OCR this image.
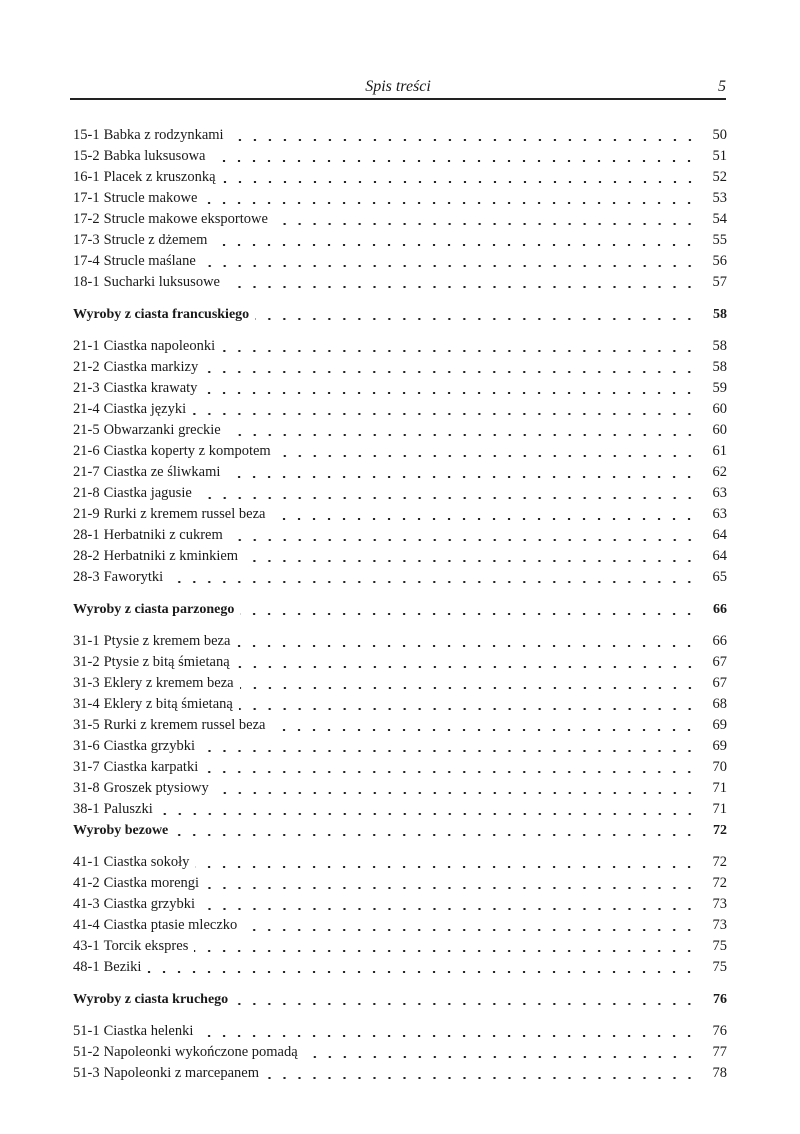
Spis treści	5
15-1 Babka z rodzynkami	50
15-2 Babka luksusowa	51
16-1 Placek z kruszonką	52
17-1 Strucle makowe	53
17-2 Strucle makowe eksportowe	54
17-3 Strucle z dżemem	55
17-4 Strucle maślane	56
18-1 Sucharki luksusowe	57
Wyroby z ciasta francuskiego	58
21-1 Ciastka napoleonki	58
21-2 Ciastka markizy	58
21-3 Ciastka krawaty	59
21-4 Ciastka języki	60
21-5 Obwarzanki greckie	60
21-6 Ciastka koperty z kompotem	61
21-7 Ciastka ze śliwkami	62
21-8 Ciastka jagusie	63
21-9 Rurki z kremem russel beza	63
28-1 Herbatniki z cukrem	64
28-2 Herbatniki z kminkiem	64
28-3 Faworytki	65
Wyroby z ciasta parzonego	66
31-1 Ptysie z kremem beza	66
31-2 Ptysie z bitą śmietaną	67
31-3 Eklery z kremem beza	67
31-4 Eklery z bitą śmietaną	68
31-5 Rurki z kremem russel beza	69
31-6 Ciastka grzybki	69
31-7 Ciastka karpatki	70
31-8 Groszek ptysiowy	71
38-1 Paluszki	71
Wyroby bezowe	72
41-1 Ciastka sokoły	72
41-2 Ciastka morengi	72
41-3 Ciastka grzybki	73
41-4 Ciastka ptasie mleczko	73
43-1 Torcik ekspres	75
48-1 Beziki	75
Wyroby z ciasta kruchego	76
51-1 Ciastka helenki	76
51-2 Napoleonki wykończone pomadą	77
51-3 Napoleonki z marcepanem	78
